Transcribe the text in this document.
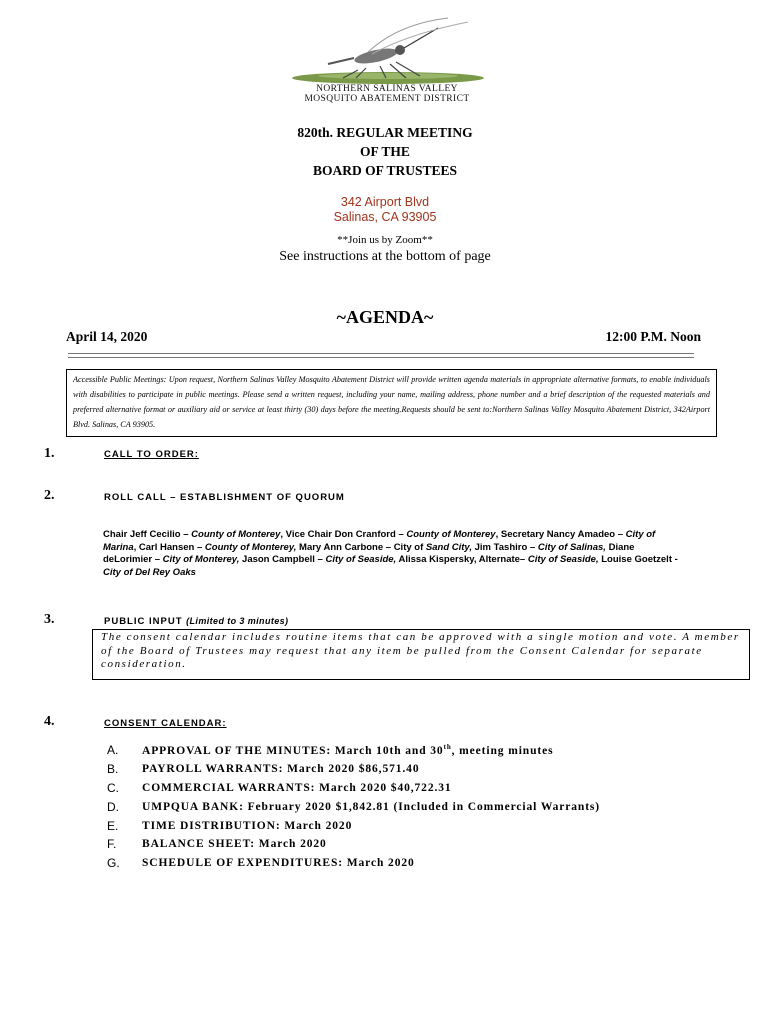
NORTHERN SALINAS VALLEY
MOSQUITO ABATEMENT DISTRICT
820th. REGULAR MEETING
OF THE
BOARD OF TRUSTEES
342 Airport Blvd
Salinas, CA 93905
**Join us by Zoom**
See instructions at the bottom of page
~AGENDA~
April 14, 2020	12:00 P.M. Noon
Accessible Public Meetings: Upon request, Northern Salinas Valley Mosquito Abatement District will provide written agenda materials in appropriate alternative formats, to enable individuals with disabilities to participate in public meetings. Please send a written request, including your name, mailing address, phone number and a brief description of the requested materials and preferred alternative format or auxiliary aid or service at least thirty (30) days before the meeting.Requests should be sent to:Northern Salinas Valley Mosquito Abatement District, 342Airport Blvd. Salinas, CA 93905.
1.	CALL TO ORDER:
2.	ROLL CALL – ESTABLISHMENT OF QUORUM
Chair Jeff Cecilio – County of Monterey, Vice Chair Don Cranford – County of Monterey, Secretary Nancy Amadeo – City of Marina, Carl Hansen – County of Monterey, Mary Ann Carbone – City of Sand City, Jim Tashiro – City of Salinas, Diane deLorimier – City of Monterey, Jason Campbell – City of Seaside, Alissa Kispersky, Alternate– City of Seaside, Louise Goetzelt - City of Del Rey Oaks
3.	PUBLIC INPUT (Limited to 3 minutes)
The consent calendar includes routine items that can be approved with a single motion and vote. A member of the Board of Trustees may request that any item be pulled from the Consent Calendar for separate consideration.
4.	CONSENT CALENDAR:
A.	APPROVAL OF THE MINUTES: March 10th and 30th, meeting minutes
B.	PAYROLL WARRANTS: March 2020 $86,571.40
C.	COMMERCIAL WARRANTS: March 2020 $40,722.31
D.	UMPQUA BANK: February 2020 $1,842.81 (Included in Commercial Warrants)
E.	TIME DISTRIBUTION: March 2020
F.	BALANCE SHEET: March 2020
G.	SCHEDULE OF EXPENDITURES: March 2020
